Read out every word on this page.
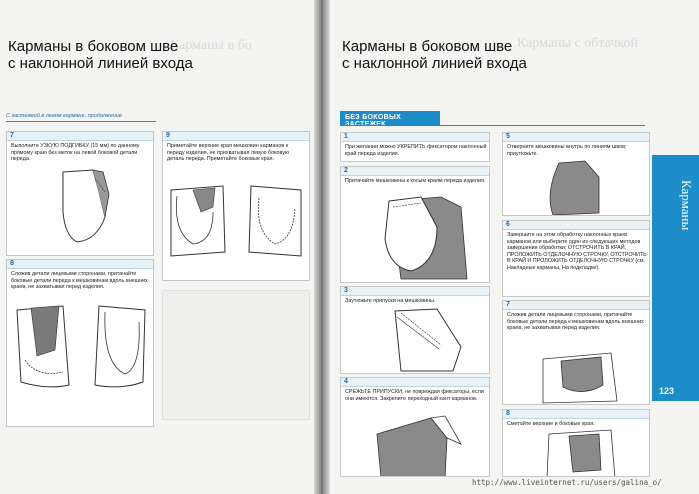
Карманы в бо
Карманы в боковом шве
с наклонной линией входа
С застежкой в левом кармане, продолжение
7
Выполните УЗКУЮ ПОДГИБКУ (15 мм) по данному прямому краю без меток на левой боковой детали переда.
9
Приметайте верхние края мешковин карманов к переду изделия, не прихватывая левую боковую деталь переда. Приметайте боковые края.
8
Сложив детали лицевыми сторонами, притачайте боковые детали переда к мешковинам вдоль внешних краев, не захватывая перед изделия.
Карманы с обтачкой
Карманы в боковом шве
с наклонной линией входа
БЕЗ БОКОВЫХ
1
При желании можно УКРЕПИТЬ фиксатором наклонный край переда изделия.
2
Притачайте мешковины к косым краям переда изделия.
3
Заутюжьте припуски на мешковины.
4
СРЕЖЬТЕ ПРИПУСКИ, не повреждая фиксаторы, если они имеются. Закрепите переходный кант карманов.
5
Отверните мешковины внутрь по линиям швов; приутюжьте.
6
Завершите на этом обработку наклонных краев карманов или выберите один из следующих методов завершения обработки: ОТСТРОЧИТЬ В КРАЙ, ПРОЛОЖИТЬ ОТДЕЛОЧНУЮ СТРОЧКУ, ОТСТРОЧИТЬ В КРАЙ И ПРОЛОЖИТЬ ОТДЕЛОЧНУЮ СТРОЧКУ (см. Накладные карманы, На подкладке).
7
Сложив детали лицевыми сторонами, притачайте боковые детали переда к мешковинам вдоль внешних краев, не захватывая перед изделия.
8
Сметайте верхние и боковые края.
Карманы
123
http://www.liveinternet.ru/users/galina_o/
